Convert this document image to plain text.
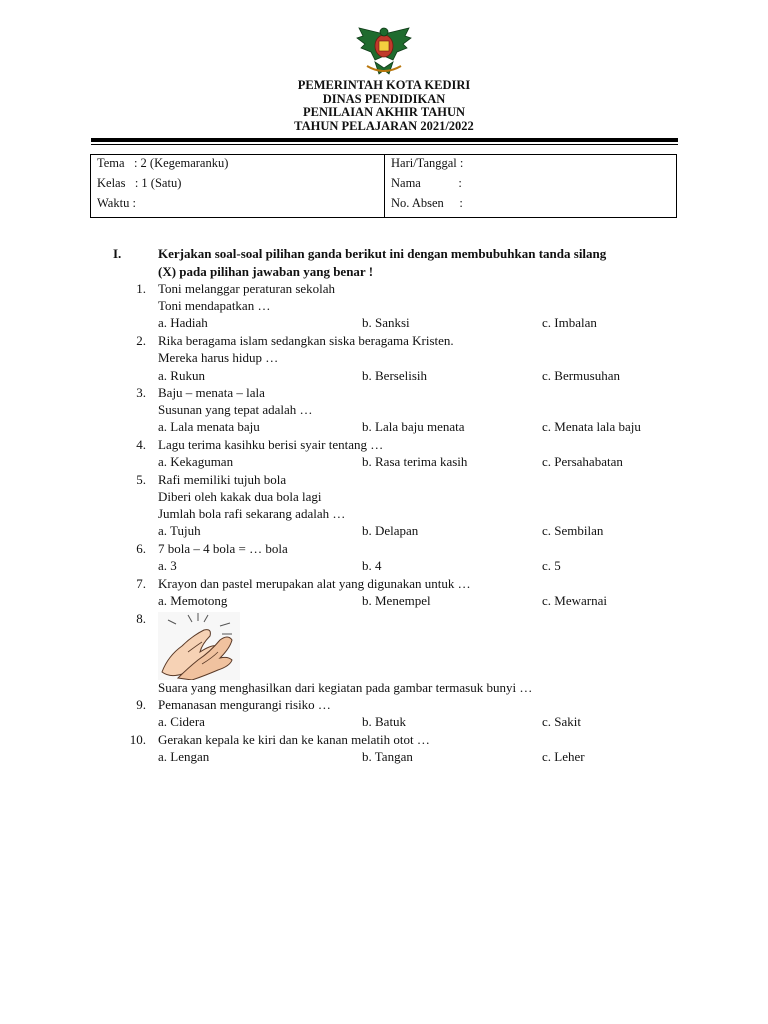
PEMERINTAH KOTA KEDIRI
DINAS PENDIDIKAN
PENILAIAN AKHIR TAHUN
TAHUN PELAJARAN 2021/2022
Tema   : 2 (Kegemaranku)
Kelas   : 1 (Satu)
Waktu :
Hari/Tanggal :
Nama            :
No. Absen     :
I.	Kerjakan soal-soal pilihan ganda berikut ini dengan membubuhkan tanda silang
(X) pada pilihan jawaban yang benar !
1. Toni melanggar peraturan sekolah
Toni mendapatkan …
a. Hadiah	b. Sanksi	c. Imbalan
2. Rika beragama islam sedangkan siska beragama Kristen.
Mereka harus hidup …
a. Rukun	b. Berselisih	c. Bermusuhan
3. Baju – menata – lala
Susunan yang tepat adalah …
a. Lala menata baju	b. Lala baju menata	c. Menata lala baju
4. Lagu terima kasihku berisi syair tentang …
a. Kekaguman	b. Rasa terima kasih	c. Persahabatan
5. Rafi memiliki tujuh bola
Diberi oleh kakak dua bola lagi
Jumlah bola rafi sekarang adalah …
a. Tujuh	b. Delapan	c. Sembilan
6. 7 bola – 4 bola = … bola
a. 3	b. 4	c. 5
7. Krayon dan pastel merupakan alat yang digunakan untuk …
a. Memotong	b. Menempel	c. Mewarnai
8.
Suara yang menghasilkan dari kegiatan pada gambar termasuk bunyi …
9. Pemanasan mengurangi risiko …
a. Cidera	b. Batuk	c. Sakit
10. Gerakan kepala ke kiri dan ke kanan melatih otot …
a. Lengan	b. Tangan	c. Leher
